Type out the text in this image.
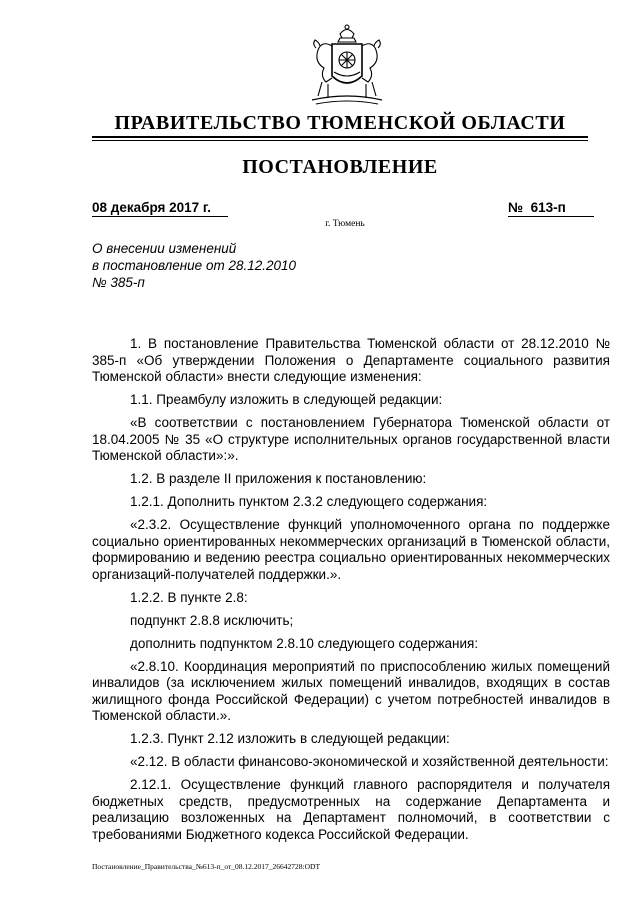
ПРАВИТЕЛЬСТВО ТЮМЕНСКОЙ ОБЛАСТИ
ПОСТАНОВЛЕНИЕ
08 декабря 2017 г.	№ 613-п
г. Тюмень
О внесении изменений
в постановление от 28.12.2010
№ 385-п

1. В постановление Правительства Тюменской области от 28.12.2010 № 385-п «Об утверждении Положения о Департаменте социального развития Тюменской области» внести следующие изменения:

1.1. Преамбулу изложить в следующей редакции:

«В соответствии с постановлением Губернатора Тюменской области от 18.04.2005 № 35 «О структуре исполнительных органов государственной власти Тюменской области»:».

1.2. В разделе II приложения к постановлению:

1.2.1. Дополнить пунктом 2.3.2 следующего содержания:

«2.3.2. Осуществление функций уполномоченного органа по поддержке социально ориентированных некоммерческих организаций в Тюменской области, формированию и ведению реестра социально ориентированных некоммерческих организаций-получателей поддержки.».

1.2.2. В пункте 2.8:

подпункт 2.8.8 исключить;

дополнить подпунктом 2.8.10 следующего содержания:

«2.8.10. Координация мероприятий по приспособлению жилых помещений инвалидов (за исключением жилых помещений инвалидов, входящих в состав жилищного фонда Российской Федерации) с учетом потребностей инвалидов в Тюменской области.».

1.2.3. Пункт 2.12 изложить в следующей редакции:

«2.12. В области финансово-экономической и хозяйственной деятельности:

2.12.1. Осуществление функций главного распорядителя и получателя бюджетных средств, предусмотренных на содержание Департамента и реализацию возложенных на Департамент полномочий, в соответствии с требованиями Бюджетного кодекса Российской Федерации.

Постановление_Правительства_№613-п_от_08.12.2017_26642728:ODT
